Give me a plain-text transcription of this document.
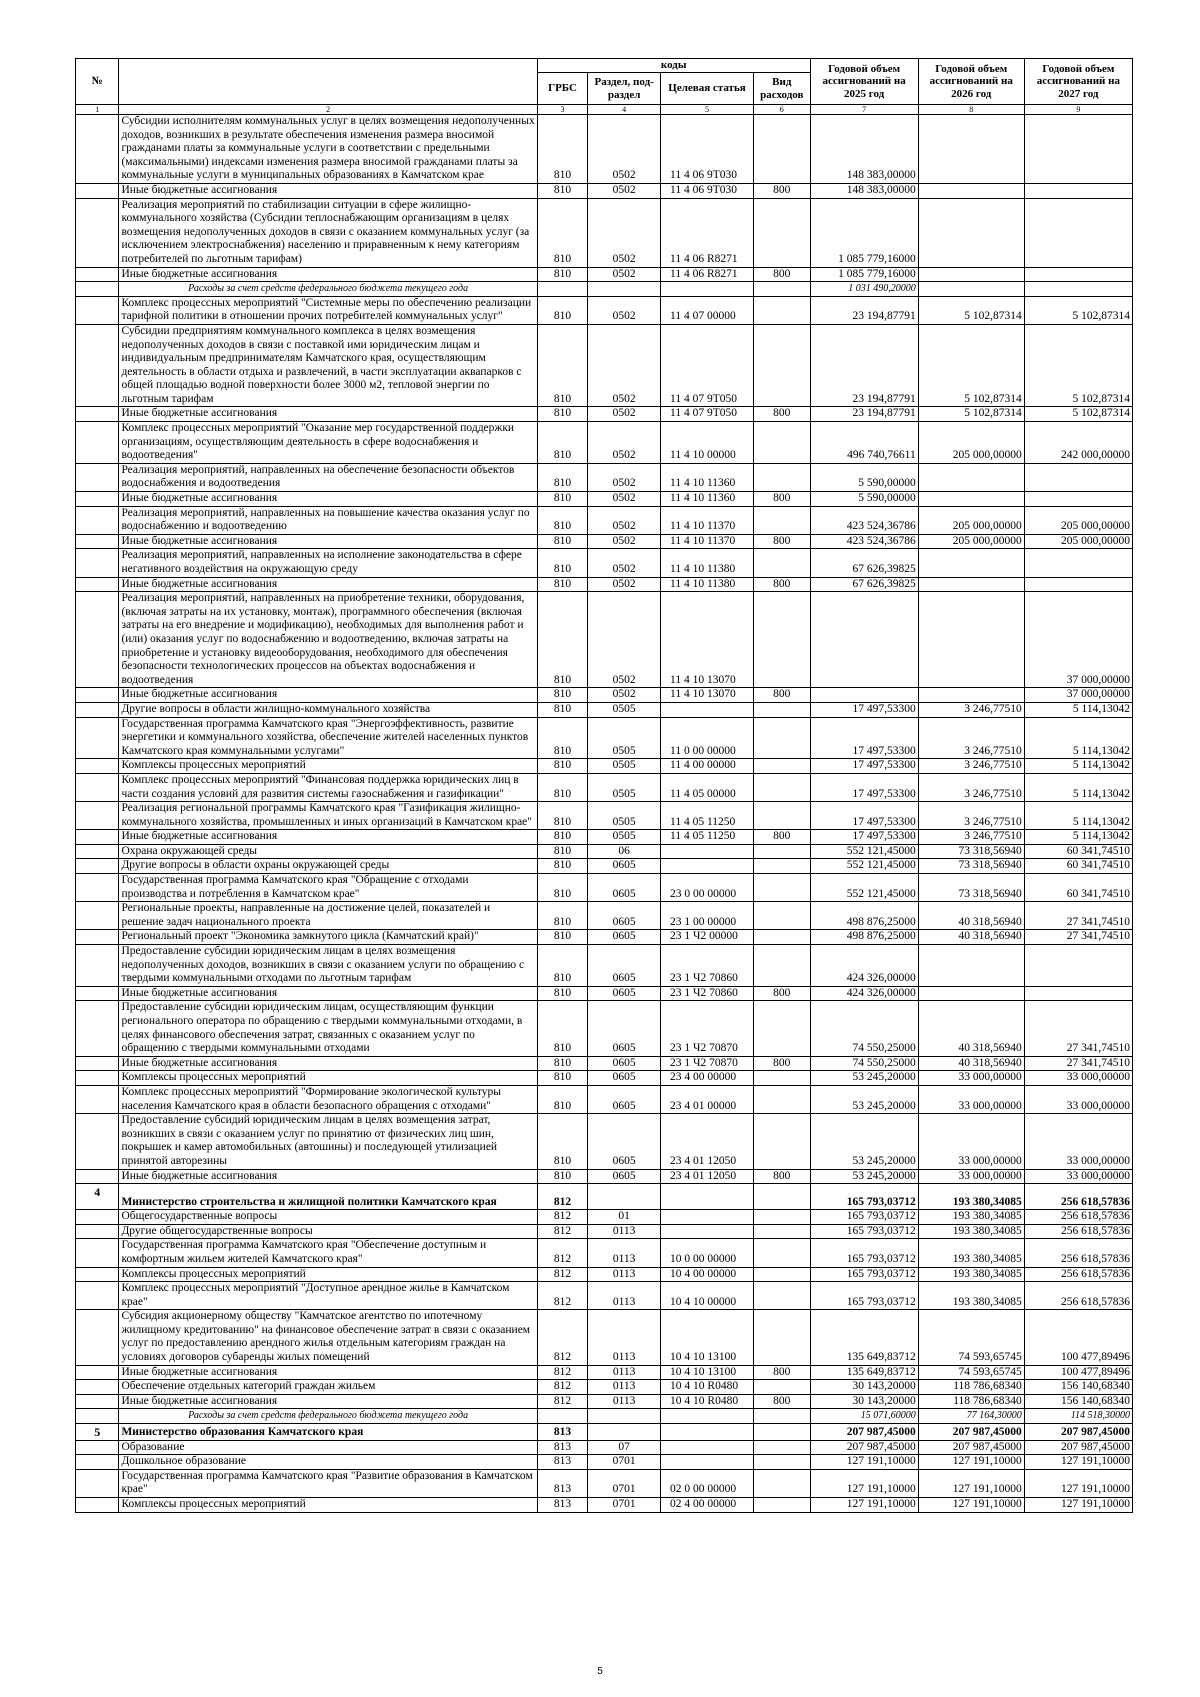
№		коды				Годовой объем ассигнований на 2025 год	Годовой объем ассигнований на 2026 год	Годовой объем ассигнований на 2027 год
		ГРБС	Раздел, под-раздел	Целевая статья	Вид расходов			
1	2	3	4	5	6	7	8	9
	Субсидии исполнителям коммунальных услуг в целях возмещения недополученных доходов, возникших в результате обеспечения изменения размера вносимой гражданами платы за коммунальные услуги в соответствии с предельными (максимальными) индексами изменения размера вносимой гражданами платы за коммунальные услуги в муниципальных образованиях в Камчатском крае	810	0502	11 4 06 9Т030		148 383,00000		
	Иные бюджетные ассигнования	810	0502	11 4 06 9Т030	800	148 383,00000		
	Реализация мероприятий по стабилизации ситуации в сфере жилищно-коммунального хозяйства (Субсидии теплоснабжающим организациям в целях возмещения недополученных доходов в связи с оказанием коммунальных услуг (за исключением электроснабжения) населению и приравненным к нему категориям потребителей по льготным тарифам)	810	0502	11 4 06 R8271		1 085 779,16000		
	Иные бюджетные ассигнования	810	0502	11 4 06 R8271	800	1 085 779,16000		
	Расходы за счет средств федерального бюджета текущего года					1 031 490,20000		
	Комплекс процессных мероприятий "Системные меры по обеспечению реализации тарифной политики в отношении прочих потребителей коммунальных услуг"	810	0502	11 4 07 00000		23 194,87791	5 102,87314	5 102,87314
	Субсидии предприятиям коммунального комплекса в целях возмещения недополученных доходов в связи с поставкой ими юридическим лицам и индивидуальным предпринимателям Камчатского края, осуществляющим деятельность в области отдыха и развлечений, в части эксплуатации аквапарков с общей площадью водной поверхности более 3000 м2, тепловой энергии по льготным тарифам	810	0502	11 4 07 9Т050		23 194,87791	5 102,87314	5 102,87314
	Иные бюджетные ассигнования	810	0502	11 4 07 9Т050	800	23 194,87791	5 102,87314	5 102,87314
	Комплекс процессных мероприятий "Оказание мер государственной поддержки организациям, осуществляющим деятельность в сфере водоснабжения и водоотведения"	810	0502	11 4 10 00000		496 740,76611	205 000,00000	242 000,00000
	Реализация мероприятий, направленных на обеспечение безопасности объектов водоснабжения и водоотведения	810	0502	11 4 10 11360		5 590,00000		
	Иные бюджетные ассигнования	810	0502	11 4 10 11360	800	5 590,00000		
	Реализация мероприятий, направленных на повышение качества оказания услуг по водоснабжению и водоотведению	810	0502	11 4 10 11370		423 524,36786	205 000,00000	205 000,00000
	Иные бюджетные ассигнования	810	0502	11 4 10 11370	800	423 524,36786	205 000,00000	205 000,00000
	Реализация мероприятий, направленных на исполнение законодательства в сфере негативного воздействия на окружающую среду	810	0502	11 4 10 11380		67 626,39825		
	Иные бюджетные ассигнования	810	0502	11 4 10 11380	800	67 626,39825		
	Реализация мероприятий, направленных на приобретение техники, оборудования, (включая затраты на их установку, монтаж), программного обеспечения (включая затраты на его внедрение и модификацию), необходимых для выполнения работ и (или) оказания услуг по водоснабжению и водоотведению, включая затраты на приобретение и установку видеооборудования, необходимого для обеспечения безопасности технологических процессов на объектах водоснабжения и водоотведения	810	0502	11 4 10 13070				37 000,00000
	Иные бюджетные ассигнования	810	0502	11 4 10 13070	800			37 000,00000
	Другие вопросы в области жилищно-коммунального хозяйства	810	0505			17 497,53300	3 246,77510	5 114,13042
	Государственная программа Камчатского края "Энергоэффективность, развитие энергетики и коммунального хозяйства, обеспечение жителей населенных пунктов Камчатского края коммунальными услугами"	810	0505	11 0 00 00000		17 497,53300	3 246,77510	5 114,13042
	Комплексы процессных мероприятий	810	0505	11 4 00 00000		17 497,53300	3 246,77510	5 114,13042
	Комплекс процессных мероприятий "Финансовая поддержка юридических лиц в части создания условий для развития системы газоснабжения и газификации"	810	0505	11 4 05 00000		17 497,53300	3 246,77510	5 114,13042
	Реализация региональной программы Камчатского края "Газификация жилищно-коммунального хозяйства, промышленных и иных организаций в Камчатском крае"	810	0505	11 4 05 11250		17 497,53300	3 246,77510	5 114,13042
	Иные бюджетные ассигнования	810	0505	11 4 05 11250	800	17 497,53300	3 246,77510	5 114,13042
	Охрана окружающей среды	810	06			552 121,45000	73 318,56940	60 341,74510
	Другие вопросы в области охраны окружающей среды	810	0605			552 121,45000	73 318,56940	60 341,74510
	Государственная программа Камчатского края "Обращение с отходами производства и потребления в Камчатском крае"	810	0605	23 0 00 00000		552 121,45000	73 318,56940	60 341,74510
	Региональные проекты, направленные на достижение целей, показателей и решение задач национального проекта	810	0605	23 1 00 00000		498 876,25000	40 318,56940	27 341,74510
	Региональный проект "Экономика замкнутого цикла (Камчатский край)"	810	0605	23 1 Ч2 00000		498 876,25000	40 318,56940	27 341,74510
	Предоставление субсидии юридическим лицам в целях возмещения недополученных доходов, возникших в связи с оказанием услуги по обращению с твердыми коммунальными отходами по льготным тарифам	810	0605	23 1 Ч2 70860		424 326,00000		
	Иные бюджетные ассигнования	810	0605	23 1 Ч2 70860	800	424 326,00000		
	Предоставление субсидии юридическим лицам, осуществляющим функции регионального оператора по обращению с твердыми коммунальными отходами, в целях финансового обеспечения затрат, связанных с оказанием услуг по обращению с твердыми коммунальными отходами	810	0605	23 1 Ч2 70870		74 550,25000	40 318,56940	27 341,74510
	Иные бюджетные ассигнования	810	0605	23 1 Ч2 70870	800	74 550,25000	40 318,56940	27 341,74510
	Комплексы процессных мероприятий	810	0605	23 4 00 00000		53 245,20000	33 000,00000	33 000,00000
	Комплекс процессных мероприятий "Формирование экологической культуры населения Камчатского края в области безопасного обращения с отходами"	810	0605	23 4 01 00000		53 245,20000	33 000,00000	33 000,00000
	Предоставление субсидий юридическим лицам в целях возмещения затрат, возникших в связи с оказанием услуг по принятию от физических лиц шин, покрышек и камер автомобильных (автошины) и последующей утилизацией принятой авторезины	810	0605	23 4 01 12050		53 245,20000	33 000,00000	33 000,00000
	Иные бюджетные ассигнования	810	0605	23 4 01 12050	800	53 245,20000	33 000,00000	33 000,00000
4	Министерство строительства и жилищной политики Камчатского края	812				165 793,03712	193 380,34085	256 618,57836
	Общегосударственные вопросы	812	01			165 793,03712	193 380,34085	256 618,57836
	Другие общегосударственные вопросы	812	0113			165 793,03712	193 380,34085	256 618,57836
	Государственная программа Камчатского края "Обеспечение доступным и комфортным жильем жителей Камчатского края"	812	0113	10 0 00 00000		165 793,03712	193 380,34085	256 618,57836
	Комплексы процессных мероприятий	812	0113	10 4 00 00000		165 793,03712	193 380,34085	256 618,57836
	Комплекс процессных мероприятий "Доступное арендное жилье в Камчатском крае"	812	0113	10 4 10 00000		165 793,03712	193 380,34085	256 618,57836
	Субсидия акционерному обществу "Камчатское агентство по ипотечному жилищному кредитованию" на финансовое обеспечение затрат в связи с оказанием услуг по предоставлению арендного жилья отдельным категориям граждан на условиях договоров субаренды жилых помещений	812	0113	10 4 10 13100		135 649,83712	74 593,65745	100 477,89496
	Иные бюджетные ассигнования	812	0113	10 4 10 13100	800	135 649,83712	74 593,65745	100 477,89496
	Обеспечение отдельных категорий граждан жильем	812	0113	10 4 10 R0480		30 143,20000	118 786,68340	156 140,68340
	Иные бюджетные ассигнования	812	0113	10 4 10 R0480	800	30 143,20000	118 786,68340	156 140,68340
	Расходы за счет средств федерального бюджета текущего года					15 071,60000	77 164,30000	114 518,30000
5	Министерство образования Камчатского края	813				207 987,45000	207 987,45000	207 987,45000
	Образование	813	07			207 987,45000	207 987,45000	207 987,45000
	Дошкольное образование	813	0701			127 191,10000	127 191,10000	127 191,10000
	Государственная программа Камчатского края "Развитие образования в Камчатском крае"	813	0701	02 0 00 00000		127 191,10000	127 191,10000	127 191,10000
	Комплексы процессных мероприятий	813	0701	02 4 00 00000		127 191,10000	127 191,10000	127 191,10000
5
